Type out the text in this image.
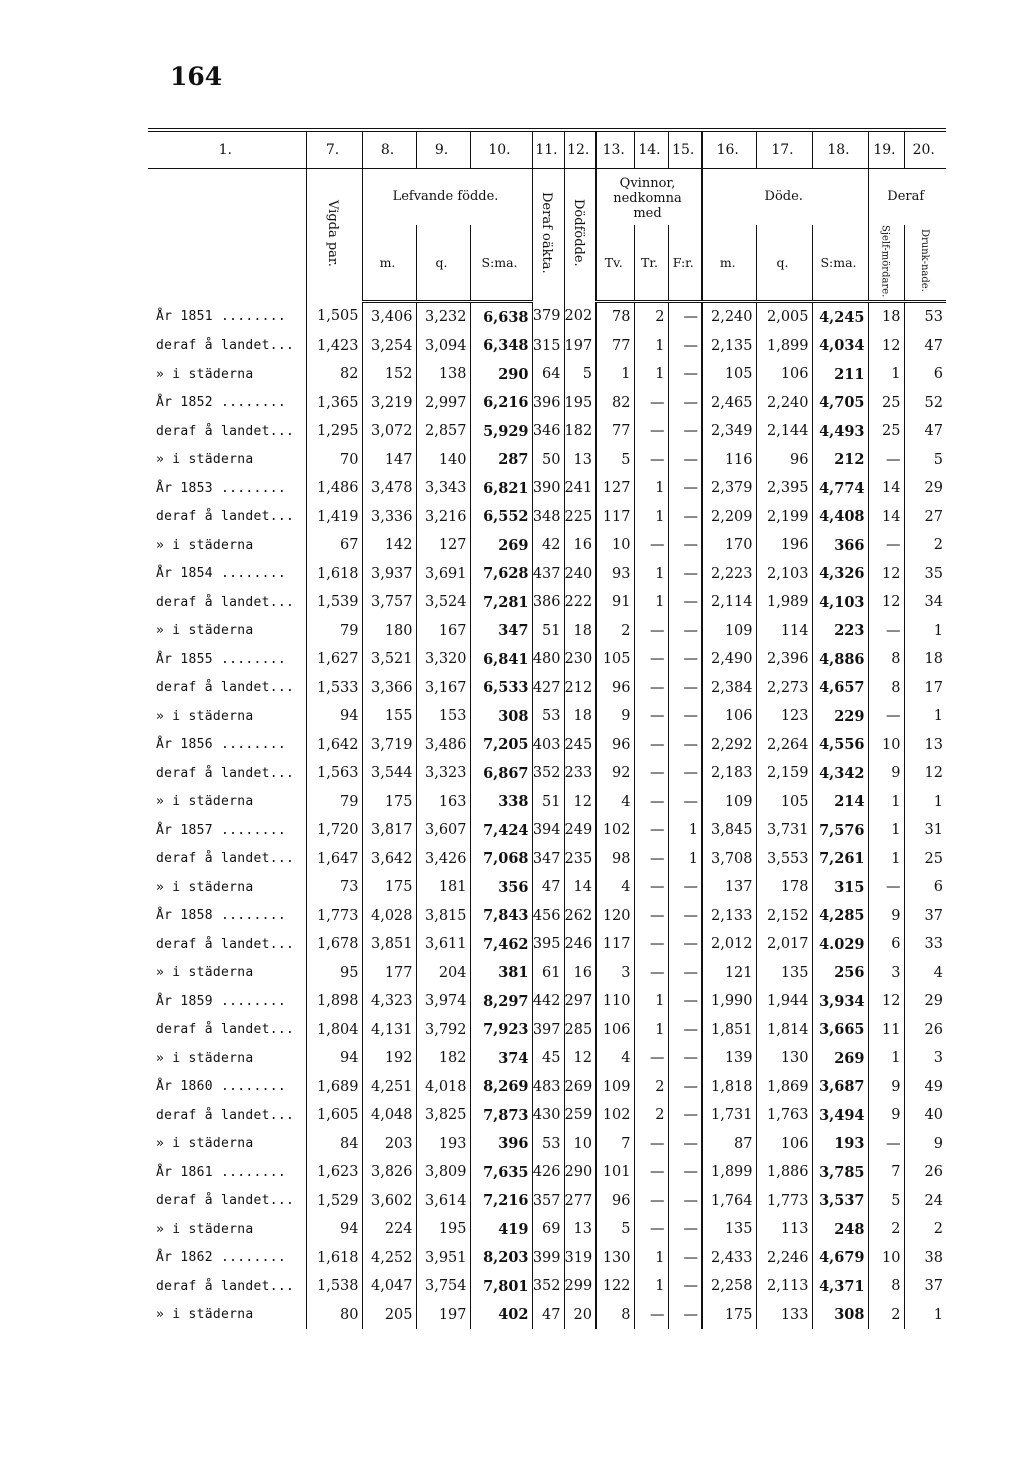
164
1.	7.	8.	9.	10.	11.	12.	13.	14.	15.	16.	17.	18.	19.	20.
	Vigda par.	Lefvande födde.			Deraf oäkta.	Dödfödde.	Qvinnor, nedkomna med			Döde.			Deraf	
		m.	q.	S:ma.			Tv.	Tr.	F:r.	m.	q.	S:ma.	Sjelf-mördare.	Drunk-nade.
År 1851 ........	1,505	3,406	3,232	6,638	379	202	78	2	—	2,240	2,005	4,245	18	53
deraf å landet...	1,423	3,254	3,094	6,348	315	197	77	1	—	2,135	1,899	4,034	12	47
» i städerna	82	152	138	290	64	5	1	1	—	105	106	211	1	6
År 1852 ........	1,365	3,219	2,997	6,216	396	195	82	—	—	2,465	2,240	4,705	25	52
deraf å landet...	1,295	3,072	2,857	5,929	346	182	77	—	—	2,349	2,144	4,493	25	47
» i städerna	70	147	140	287	50	13	5	—	—	116	96	212	—	5
År 1853 ........	1,486	3,478	3,343	6,821	390	241	127	1	—	2,379	2,395	4,774	14	29
deraf å landet...	1,419	3,336	3,216	6,552	348	225	117	1	—	2,209	2,199	4,408	14	27
» i städerna	67	142	127	269	42	16	10	—	—	170	196	366	—	2
År 1854 ........	1,618	3,937	3,691	7,628	437	240	93	1	—	2,223	2,103	4,326	12	35
deraf å landet...	1,539	3,757	3,524	7,281	386	222	91	1	—	2,114	1,989	4,103	12	34
» i städerna	79	180	167	347	51	18	2	—	—	109	114	223	—	1
År 1855 ........	1,627	3,521	3,320	6,841	480	230	105	—	—	2,490	2,396	4,886	8	18
deraf å landet...	1,533	3,366	3,167	6,533	427	212	96	—	—	2,384	2,273	4,657	8	17
» i städerna	94	155	153	308	53	18	9	—	—	106	123	229	—	1
År 1856 ........	1,642	3,719	3,486	7,205	403	245	96	—	—	2,292	2,264	4,556	10	13
deraf å landet...	1,563	3,544	3,323	6,867	352	233	92	—	—	2,183	2,159	4,342	9	12
» i städerna	79	175	163	338	51	12	4	—	—	109	105	214	1	1
År 1857 ........	1,720	3,817	3,607	7,424	394	249	102	—	1	3,845	3,731	7,576	1	31
deraf å landet...	1,647	3,642	3,426	7,068	347	235	98	—	1	3,708	3,553	7,261	1	25
» i städerna	73	175	181	356	47	14	4	—	—	137	178	315	—	6
År 1858 ........	1,773	4,028	3,815	7,843	456	262	120	—	—	2,133	2,152	4,285	9	37
deraf å landet...	1,678	3,851	3,611	7,462	395	246	117	—	—	2,012	2,017	4.029	6	33
» i städerna	95	177	204	381	61	16	3	—	—	121	135	256	3	4
År 1859 ........	1,898	4,323	3,974	8,297	442	297	110	1	—	1,990	1,944	3,934	12	29
deraf å landet...	1,804	4,131	3,792	7,923	397	285	106	1	—	1,851	1,814	3,665	11	26
» i städerna	94	192	182	374	45	12	4	—	—	139	130	269	1	3
År 1860 ........	1,689	4,251	4,018	8,269	483	269	109	2	—	1,818	1,869	3,687	9	49
deraf å landet...	1,605	4,048	3,825	7,873	430	259	102	2	—	1,731	1,763	3,494	9	40
» i städerna	84	203	193	396	53	10	7	—	—	87	106	193	—	9
År 1861 ........	1,623	3,826	3,809	7,635	426	290	101	—	—	1,899	1,886	3,785	7	26
deraf å landet...	1,529	3,602	3,614	7,216	357	277	96	—	—	1,764	1,773	3,537	5	24
» i städerna	94	224	195	419	69	13	5	—	—	135	113	248	2	2
År 1862 ........	1,618	4,252	3,951	8,203	399	319	130	1	—	2,433	2,246	4,679	10	38
deraf å landet...	1,538	4,047	3,754	7,801	352	299	122	1	—	2,258	2,113	4,371	8	37
» i städerna	80	205	197	402	47	20	8	—	—	175	133	308	2	1
